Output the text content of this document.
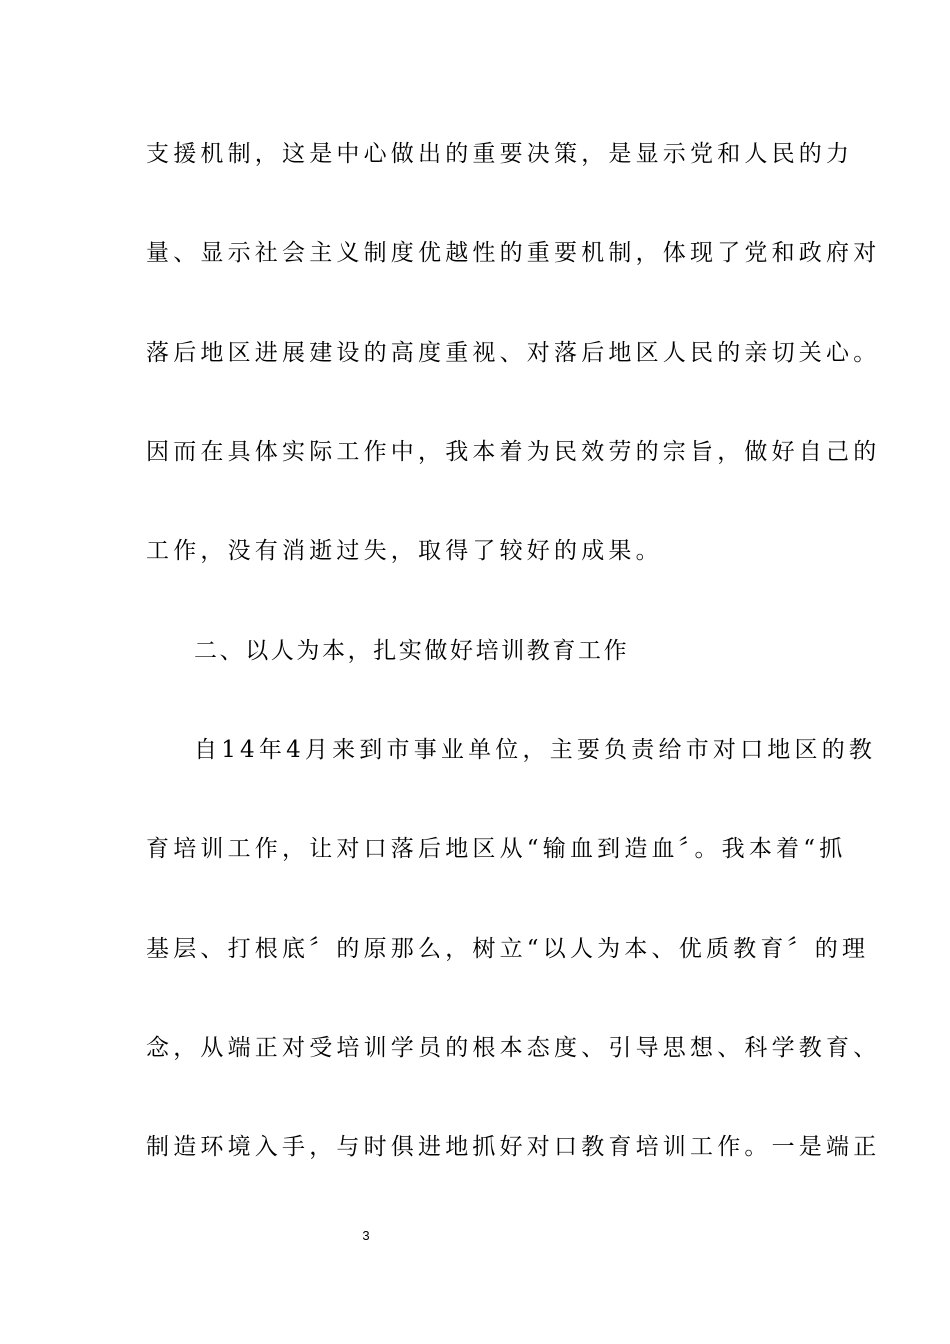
支援机制，这是中心做出的重要决策，是显示党和人民的力
量、显示社会主义制度优越性的重要机制，体现了党和政府对
落后地区进展建设的高度重视、对落后地区人民的亲切关心。
因而在具体实际工作中，我本着为民效劳的宗旨，做好自己的
工作，没有消逝过失，取得了较好的成果。
二、以人为本，扎实做好培训教育工作
自14年4月来到市事业单位，主要负责给市对口地区的教
育培训工作，让对口落后地区从“输血到造血〞。我本着“抓
基层、打根底〞的原那么，树立“以人为本、优质教育〞的理
念，从端正对受培训学员的根本态度、引导思想、科学教育、
制造环境入手，与时俱进地抓好对口教育培训工作。一是端正
3
